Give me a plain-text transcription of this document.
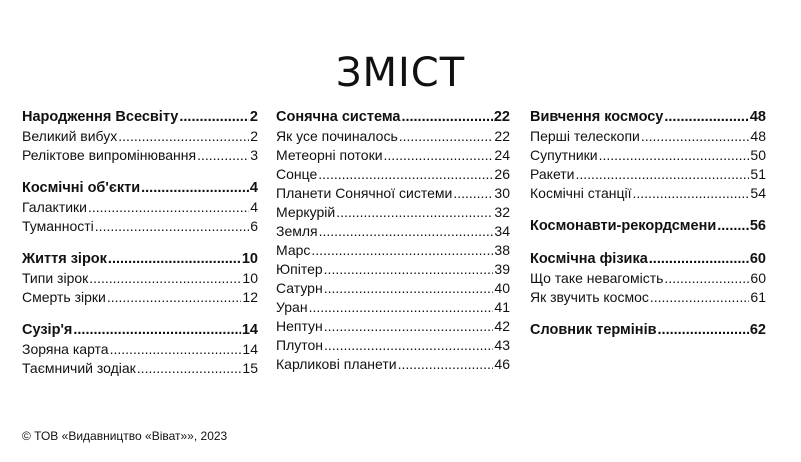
ЗМІСТ
Народження Всесвіту .....	2
Великий вибух .....	2
Реліктове випромінювання .....	3
Космічні об'єкти .....	4
Галактики .....	4
Туманності .....	6
Життя зірок .....	10
Типи зірок .....	10
Смерть зірки .....	12
Сузір'я .....	14
Зоряна карта .....	14
Таємничий зодіак .....	15
Сонячна система .....	22
Як усе починалось .....	22
Метеорні потоки .....	24
Сонце .....	26
Планети Сонячної системи .....	30
Меркурій .....	32
Земля .....	34
Марс .....	38
Юпітер .....	39
Сатурн .....	40
Уран .....	41
Нептун .....	42
Плутон .....	43
Карликові планети .....	46
Вивчення космосу .....	48
Перші телескопи .....	48
Супутники .....	50
Ракети .....	51
Космічні станції .....	54
Космонавти-рекордсмени ..... 56
Космічна фізика .....	60
Що таке невагомість .....	60
Як звучить космос .....	61
Словник термінів .....	62
© ТОВ «Видавництво «Віват»», 2023
